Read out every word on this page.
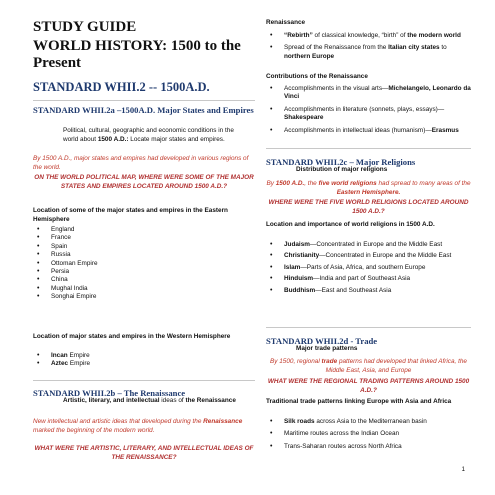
STUDY GUIDE
WORLD HISTORY: 1500 to the Present
STANDARD WHII.2 -- 1500A.D.
STANDARD WHII.2a –1500A.D. Major States and Empires
Political, cultural, geographic and economic conditions in the world about 1500 A.D.: Locate major states and empires.
By 1500 A.D., major states and empires had developed in various regions of the world.
ON THE WORLD POLITICAL MAP, WHERE WERE SOME OF THE MAJOR STATES AND EMPIRES LOCATED AROUND 1500 A.D.?
Location of some of the major states and empires in the Eastern Hemisphere
• England
• France
• Spain
• Russia
• Ottoman Empire
• Persia
• China
• Mughal India
• Songhai Empire
Location of major states and empires in the Western Hemisphere
• Incan Empire
• Aztec Empire
STANDARD WHII.2b – The Renaissance
Artistic, literary, and intellectual ideas of the Renaissance
New intellectual and artistic ideas that developed during the Renaissance marked the beginning of the modern world.
WHAT WERE THE ARTISTIC, LITERARY, AND INTELLECTUAL IDEAS OF THE RENAISSANCE?
Renaissance
• “Rebirth” of classical knowledge, “birth” of the modern world
• Spread of the Renaissance from the Italian city states to northern Europe
Contributions of the Renaissance
• Accomplishments in the visual arts—Michelangelo, Leonardo da Vinci
• Accomplishments in literature (sonnets, plays, essays)—Shakespeare
• Accomplishments in intellectual ideas (humanism)—Erasmus
STANDARD WHII.2c – Major Religions
Distribution of major religions
By 1500 A.D., the five world religions had spread to many areas of the Eastern Hemisphere.
WHERE WERE THE FIVE WORLD RELIGIONS LOCATED AROUND 1500 A.D.?
Location and importance of world religions in 1500 A.D.
• Judaism—Concentrated in Europe and the Middle East
• Christianity—Concentrated in Europe and the Middle East
• Islam—Parts of Asia, Africa, and southern Europe
• Hinduism—India and part of Southeast Asia
• Buddhism—East and Southeast Asia
STANDARD WHII.2d - Trade
Major trade patterns
By 1500, regional trade patterns had developed that linked Africa, the Middle East, Asia, and Europe
WHAT WERE THE REGIONAL TRADING PATTERNS AROUND 1500 A.D.?
Traditional trade patterns linking Europe with Asia and Africa
• Silk roads across Asia to the Mediterranean basin
• Maritime routes across the Indian Ocean
• Trans-Saharan routes across North Africa
1
